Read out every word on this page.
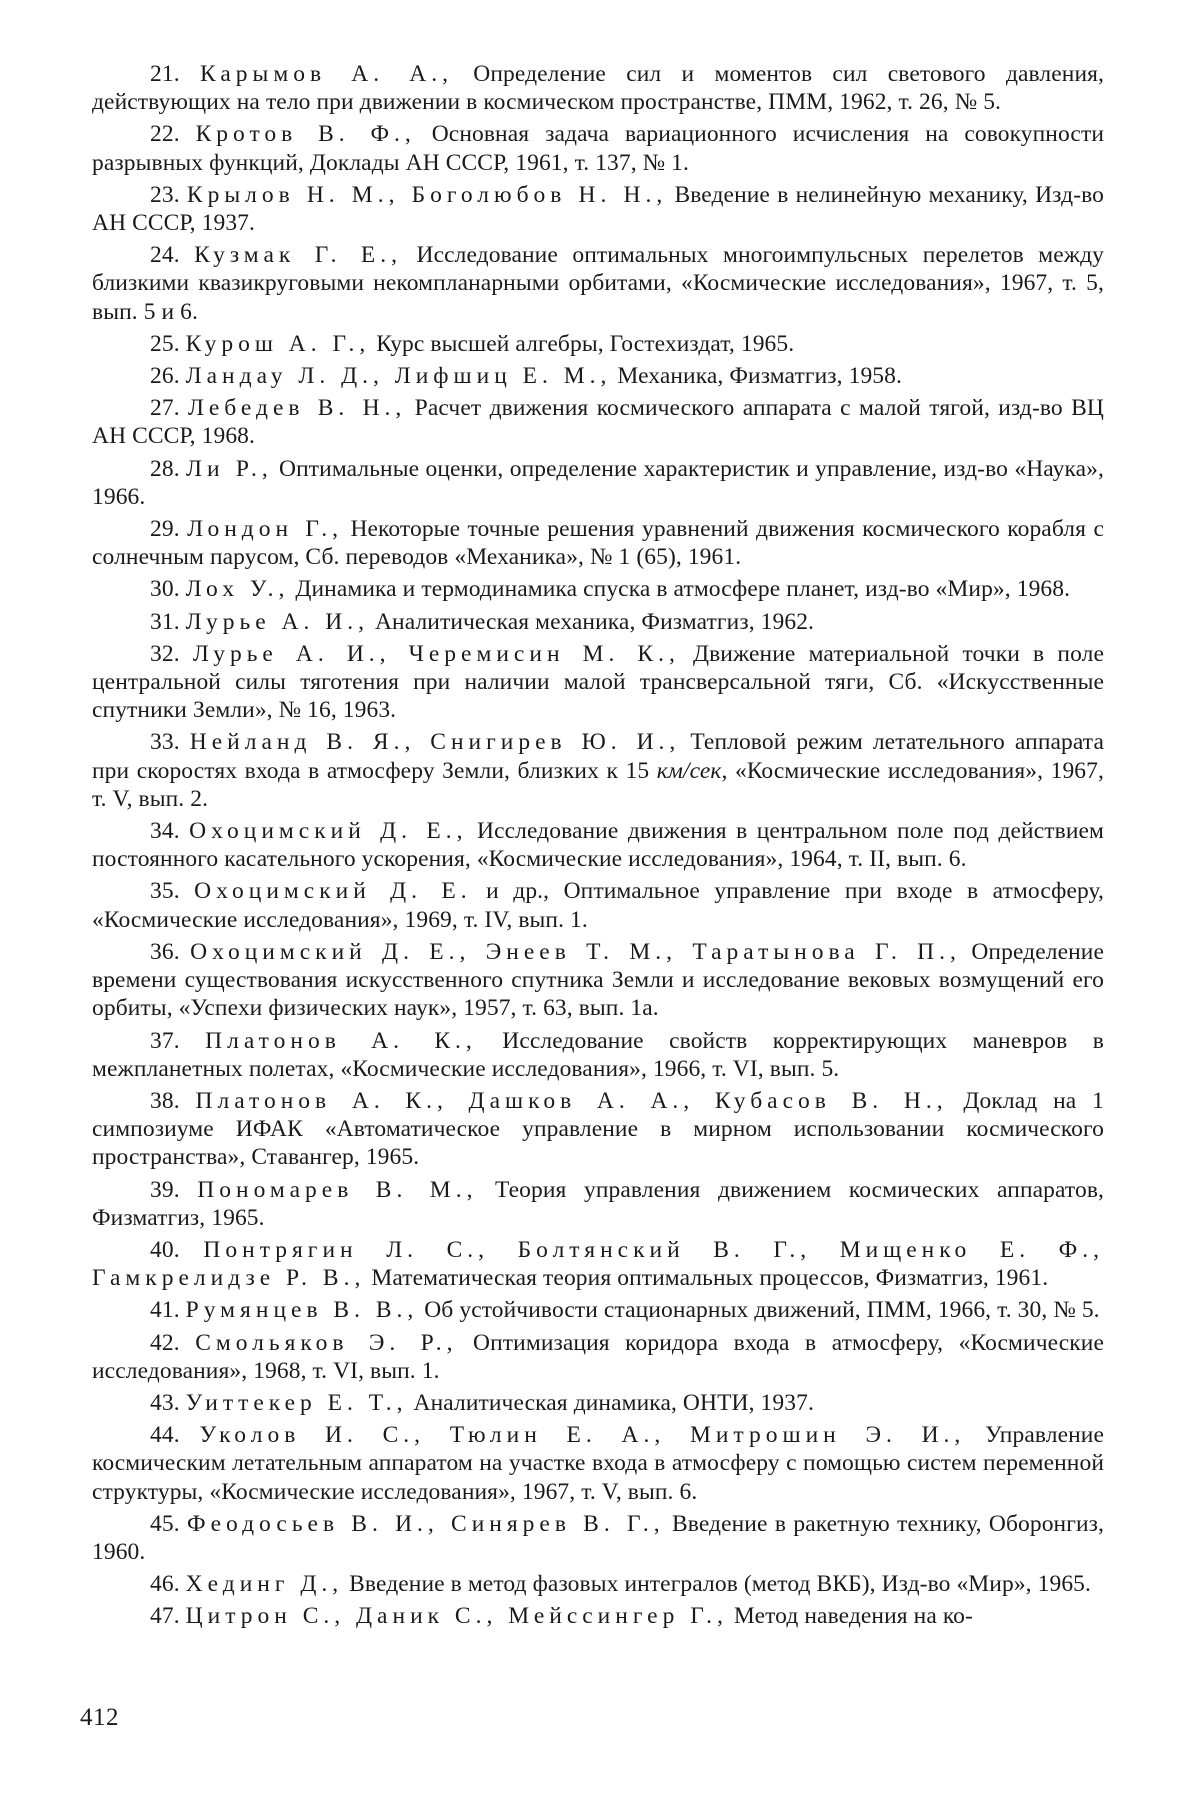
21. Карымов А. А., Определение сил и моментов сил светового давления, действующих на тело при движении в космическом пространстве, ПММ, 1962, т. 26, № 5.
22. Кротов В. Ф., Основная задача вариационного исчисления на совокупности разрывных функций, Доклады АН СССР, 1961, т. 137, № 1.
23. Крылов Н. М., Боголюбов Н. Н., Введение в нелинейную механику, Изд-во АН СССР, 1937.
24. Кузмак Г. Е., Исследование оптимальных многоимпульсных перелетов между близкими квазикруговыми некомпланарными орбитами, «Космические исследования», 1967, т. 5, вып. 5 и 6.
25. Курош А. Г., Курс высшей алгебры, Гостехиздат, 1965.
26. Ландау Л. Д., Лифшиц Е. М., Механика, Физматгиз, 1958.
27. Лебедев В. Н., Расчет движения космического аппарата с малой тягой, изд-во ВЦ АН СССР, 1968.
28. Ли Р., Оптимальные оценки, определение характеристик и управление, изд-во «Наука», 1966.
29. Лондон Г., Некоторые точные решения уравнений движения космического корабля с солнечным парусом, Сб. переводов «Механика», № 1 (65), 1961.
30. Лох У., Динамика и термодинамика спуска в атмосфере планет, изд-во «Мир», 1968.
31. Лурье А. И., Аналитическая механика, Физматгиз, 1962.
32. Лурье А. И., Черемисин М. К., Движение материальной точки в поле центральной силы тяготения при наличии малой трансверсальной тяги, Сб. «Искусственные спутники Земли», № 16, 1963.
33. Нейланд В. Я., Снигирев Ю. И., Тепловой режим летательного аппарата при скоростях входа в атмосферу Земли, близких к 15 км/сек, «Космические исследования», 1967, т. V, вып. 2.
34. Охоцимский Д. Е., Исследование движения в центральном поле под действием постоянного касательного ускорения, «Космические исследования», 1964, т. II, вып. 6.
35. Охоцимский Д. Е. и др., Оптимальное управление при входе в атмосферу, «Космические исследования», 1969, т. IV, вып. 1.
36. Охоцимский Д. Е., Энеев Т. М., Таратынова Г. П., Определение времени существования искусственного спутника Земли и исследование вековых возмущений его орбиты, «Успехи физических наук», 1957, т. 63, вып. 1а.
37. Платонов А. К., Исследование свойств корректирующих маневров в межпланетных полетах, «Космические исследования», 1966, т. VI, вып. 5.
38. Платонов А. К., Дашков А. А., Кубасов В. Н., Доклад на 1 симпозиуме ИФАК «Автоматическое управление в мирном использовании космического пространства», Ставангер, 1965.
39. Пономарев В. М., Теория управления движением космических аппаратов, Физматгиз, 1965.
40. Понтрягин Л. С., Болтянский В. Г., Мищенко Е. Ф., Гамкрелидзе Р. В., Математическая теория оптимальных процессов, Физматгиз, 1961.
41. Румянцев В. В., Об устойчивости стационарных движений, ПММ, 1966, т. 30, № 5.
42. Смольяков Э. Р., Оптимизация коридора входа в атмосферу, «Космические исследования», 1968, т. VI, вып. 1.
43. Уиттекер Е. Т., Аналитическая динамика, ОНТИ, 1937.
44. Уколов И. С., Тюлин Е. А., Митрошин Э. И., Управление космическим летательным аппаратом на участке входа в атмосферу с помощью систем переменной структуры, «Космические исследования», 1967, т. V, вып. 6.
45. Феодосьев В. И., Синярев В. Г., Введение в ракетную технику, Оборонгиз, 1960.
46. Хединг Д., Введение в метод фазовых интегралов (метод ВКБ), Изд-во «Мир», 1965.
47. Цитрон С., Даник С., Мейссингер Г., Метод наведения на ко-
412
